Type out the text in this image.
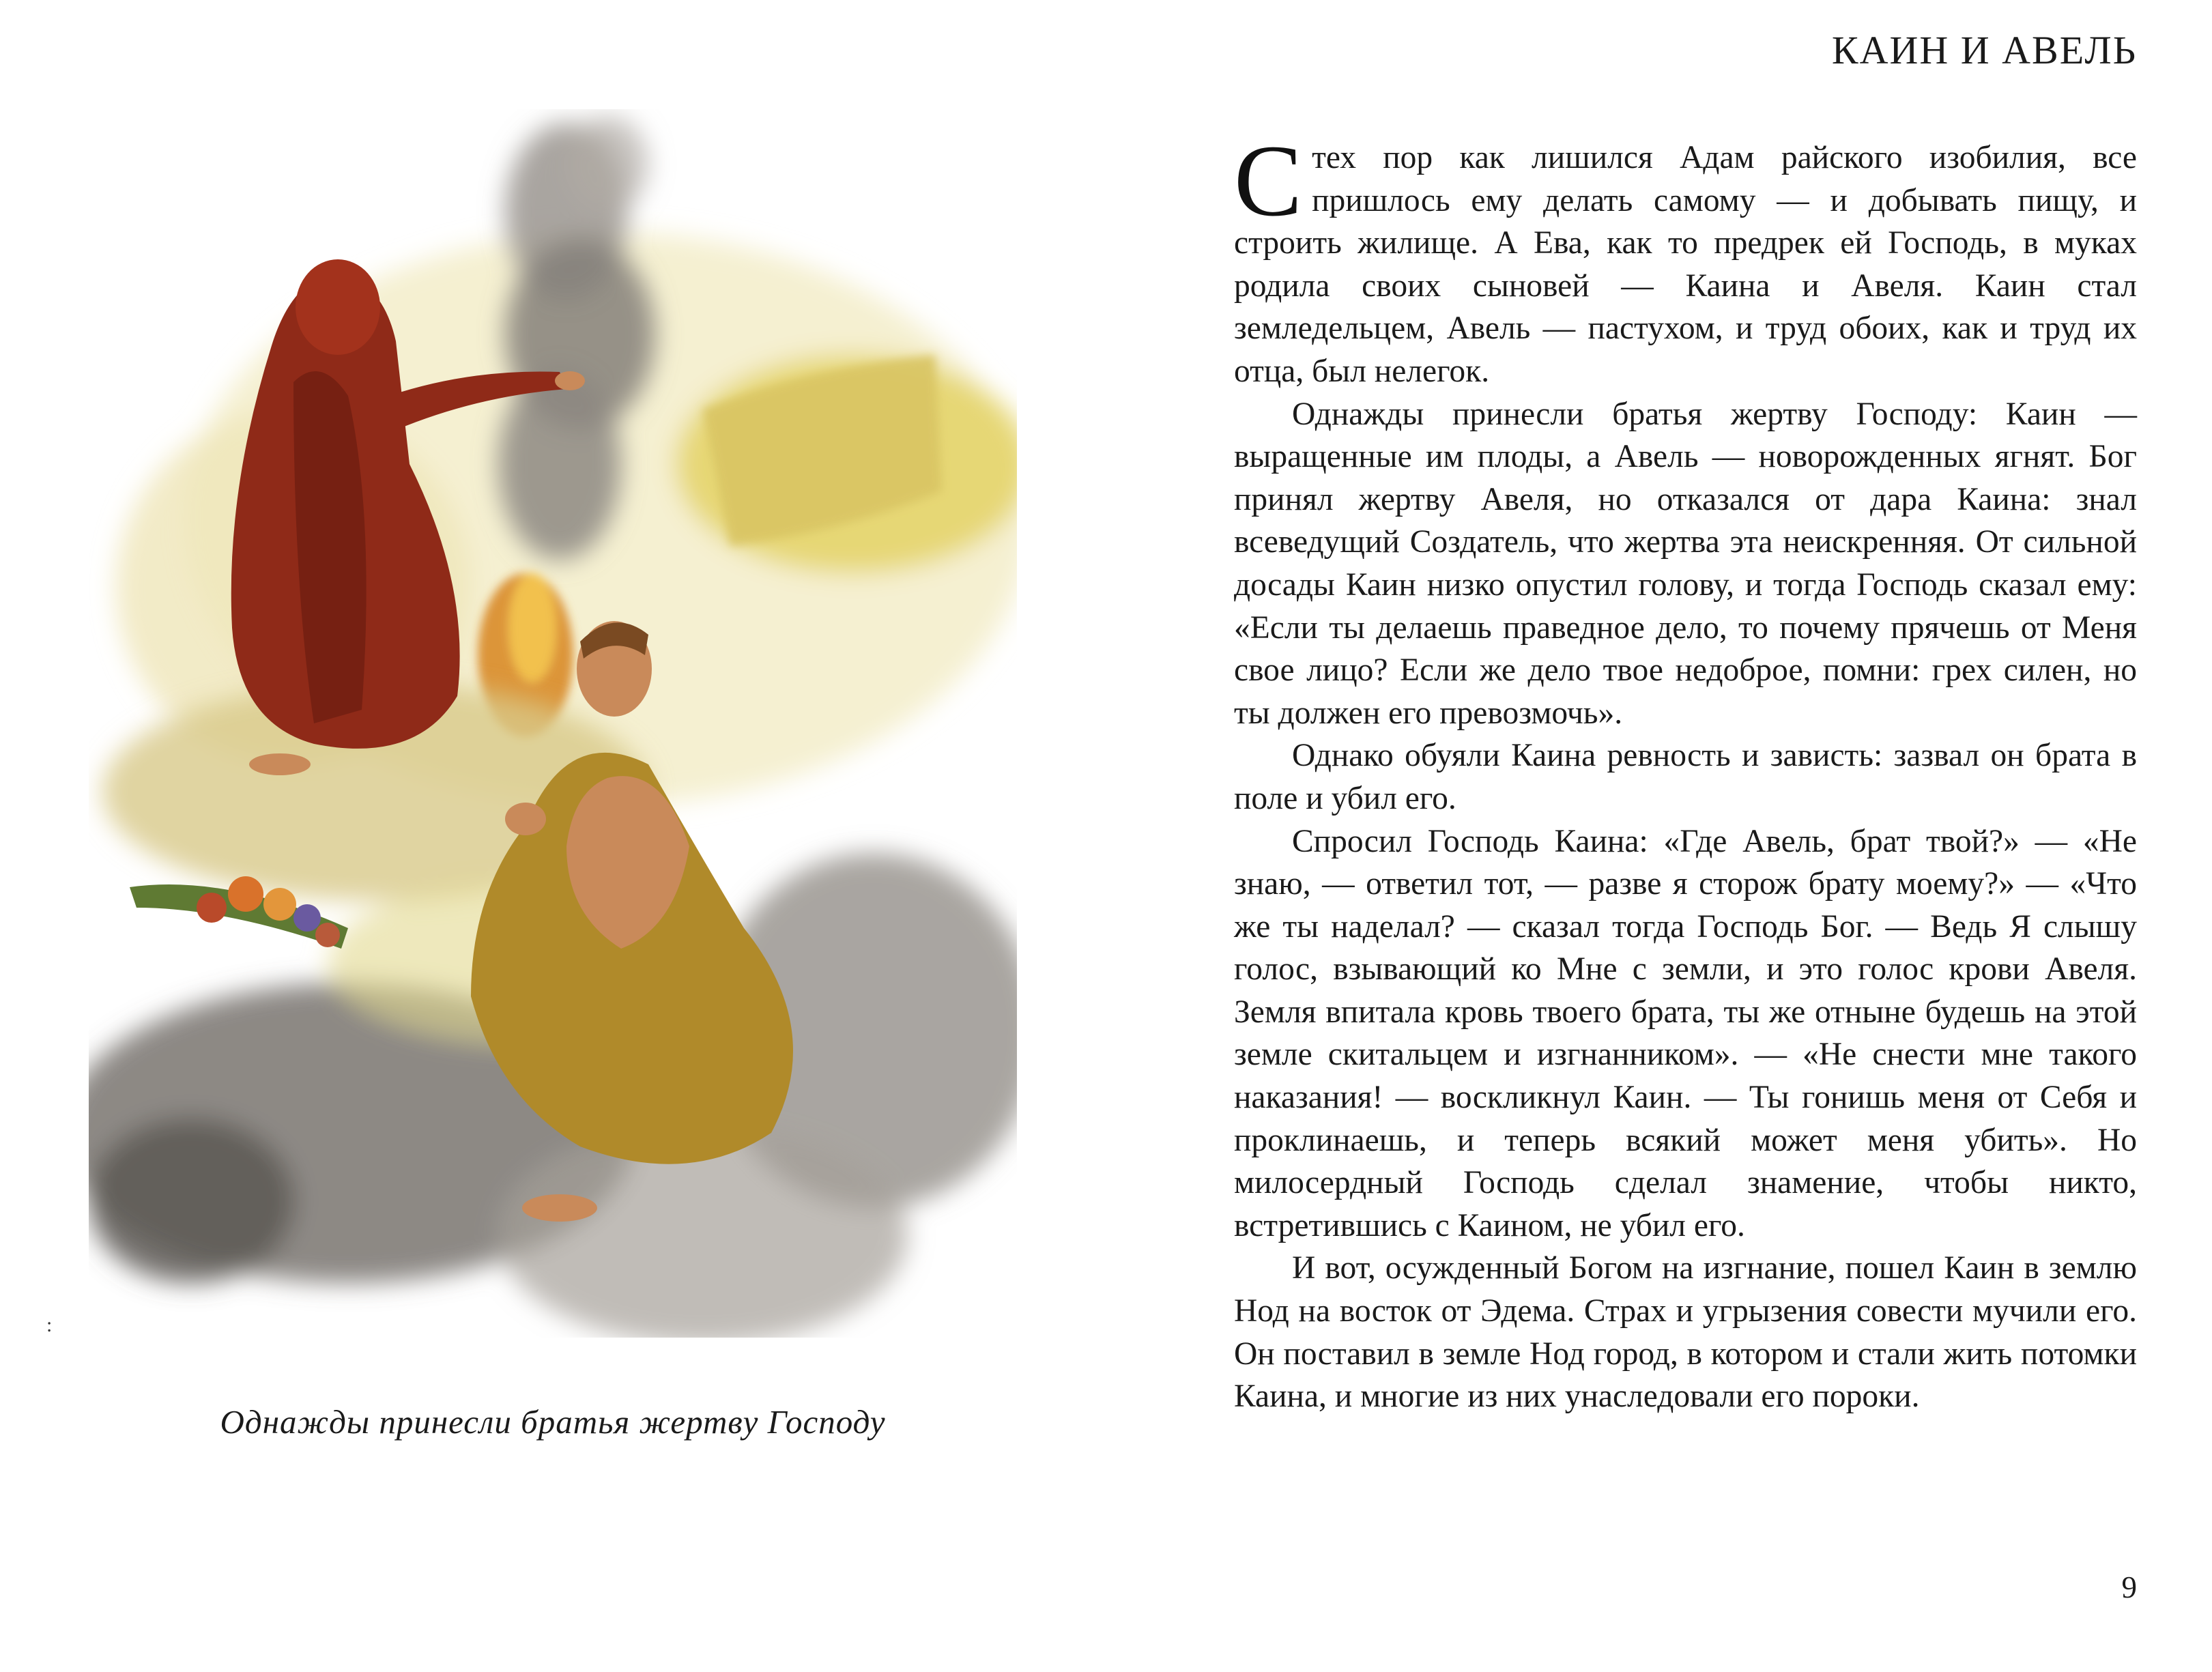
:
Однажды принесли братья жертву Господу
КАИН И АВЕЛЬ

С тех пор как лишился Адам райского изобилия, все пришлось ему делать самому — и добывать пищу, и строить жилище. А Ева, как то предрек ей Господь, в муках родила своих сыновей — Каина и Авеля. Каин стал земледельцем, Авель — пастухом, и труд обоих, как и труд их отца, был нелегок.

Однажды принесли братья жертву Господу: Каин — выращенные им плоды, а Авель — новорожденных ягнят. Бог принял жертву Авеля, но отказался от дара Каина: знал всеведущий Создатель, что жертва эта неискренняя. От сильной досады Каин низко опустил голову, и тогда Господь сказал ему: «Если ты делаешь праведное дело, то почему прячешь от Меня свое лицо? Если же дело твое недоброе, помни: грех силен, но ты должен его превозмочь».

Однако обуяли Каина ревность и зависть: зазвал он брата в поле и убил его.

Спросил Господь Каина: «Где Авель, брат твой?» — «Не знаю, — ответил тот, — разве я сторож брату моему?» — «Что же ты наделал? — сказал тогда Господь Бог. — Ведь Я слышу голос, взывающий ко Мне с земли, и это голос крови Авеля. Земля впитала кровь твоего брата, ты же отныне будешь на этой земле скитальцем и изгнанником». — «Не снести мне такого наказания! — воскликнул Каин. — Ты гонишь меня от Себя и проклинаешь, и теперь всякий может меня убить». Но милосердный Господь сделал знамение, чтобы никто, встретившись с Каином, не убил его.

И вот, осужденный Богом на изгнание, пошел Каин в землю Нод на восток от Эдема. Страх и угрызения совести мучили его. Он поставил в земле Нод город, в котором и стали жить потомки Каина, и многие из них унаследовали его пороки.

9
